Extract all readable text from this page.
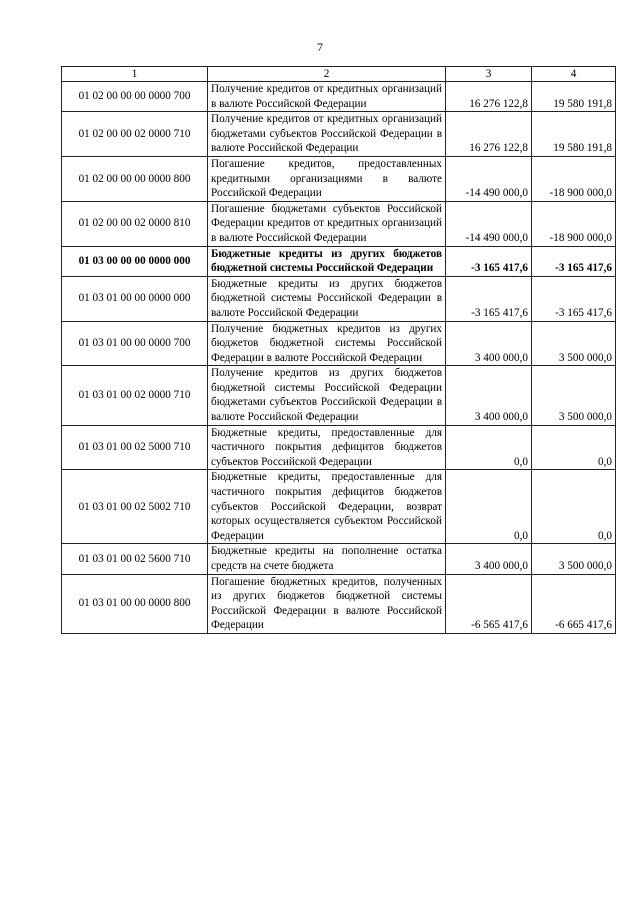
7
1	2	3	4
01 02 00 00 00 0000 700	Получение кредитов от кредитных организаций в валюте Российской Федерации	16 276 122,8	19 580 191,8
01 02 00 00 02 0000 710	Получение кредитов от кредитных организаций бюджетами субъектов Российской Федерации в валюте Российской Федерации	16 276 122,8	19 580 191,8
01 02 00 00 00 0000 800	Погашение кредитов, предоставленных кредитными организациями в валюте Российской Федерации	-14 490 000,0	-18 900 000,0
01 02 00 00 02 0000 810	Погашение бюджетами субъектов Российской Федерации кредитов от кредитных организаций в валюте Российской Федерации	-14 490 000,0	-18 900 000,0
01 03 00 00 00 0000 000	Бюджетные кредиты из других бюджетов бюджетной системы Российской Федерации	-3 165 417,6	-3 165 417,6
01 03 01 00 00 0000 000	Бюджетные кредиты из других бюджетов бюджетной системы Российской Федерации в валюте Российской Федерации	-3 165 417,6	-3 165 417,6
01 03 01 00 00 0000 700	Получение бюджетных кредитов из других бюджетов бюджетной системы Российской Федерации в валюте Российской Федерации	3 400 000,0	3 500 000,0
01 03 01 00 02 0000 710	Получение кредитов из других бюджетов бюджетной системы Российской Федерации бюджетами субъектов Российской Федерации в валюте Российской Федерации	3 400 000,0	3 500 000,0
01 03 01 00 02 5000 710	Бюджетные кредиты, предоставленные для частичного покрытия дефицитов бюджетов субъектов Российской Федерации	0,0	0,0
01 03 01 00 02 5002 710	Бюджетные кредиты, предоставленные для частичного покрытия дефицитов бюджетов субъектов Российской Федерации, возврат которых осуществляется субъектом Российской Федерации	0,0	0,0
01 03 01 00 02 5600 710	Бюджетные кредиты на пополнение остатка средств на счете бюджета	3 400 000,0	3 500 000,0
01 03 01 00 00 0000 800	Погашение бюджетных кредитов, полученных из других бюджетов бюджетной системы Российской Федерации в валюте Российской Федерации	-6 565 417,6	-6 665 417,6
